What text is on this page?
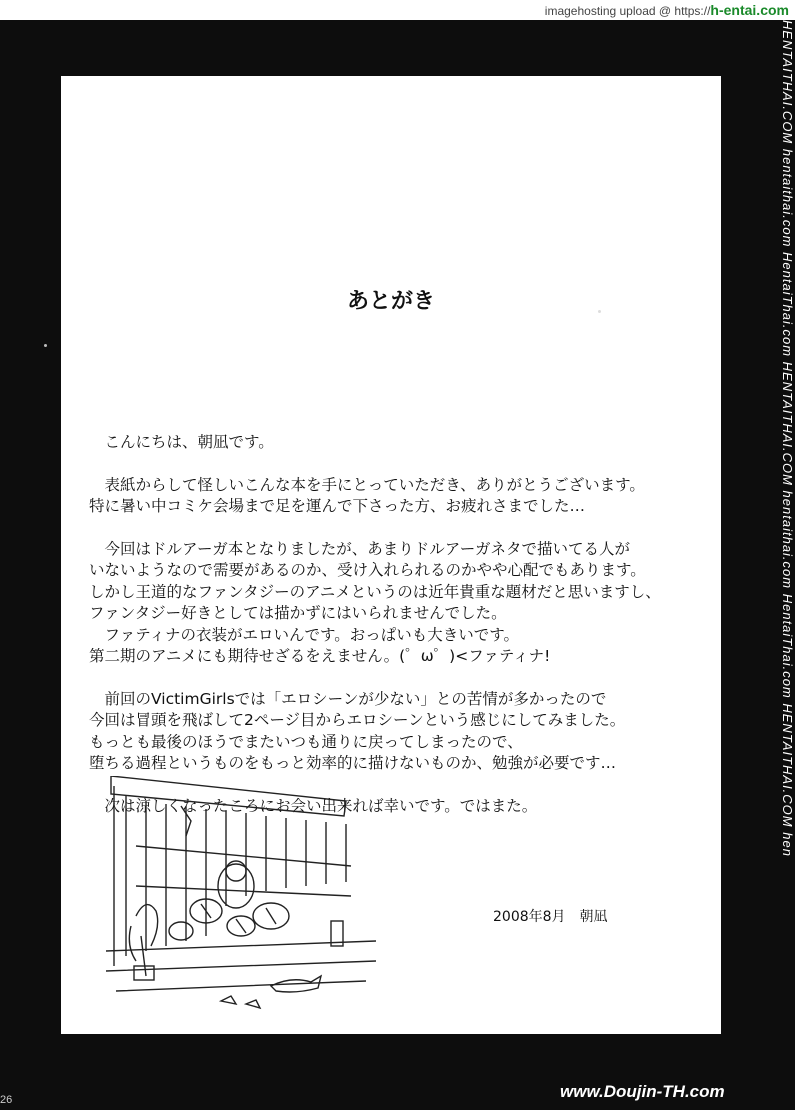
imagehosting upload @ https://h-entai.com
あとがき

こんにちは、朝凪です。

表紙からして怪しいこんな本を手にとっていただき、ありがとうございます。
特に暑い中コミケ会場まで足を運んで下さった方、お疲れさまでした…

今回はドルアーガ本となりましたが、あまりドルアーガネタで描いてる人が
いないようなので需要があるのか、受け入れられるのかやや心配でもあります。
しかし王道的なファンタジーのアニメというのは近年貴重な題材だと思いますし、
ファンタジー好きとしては描かずにはいられませんでした。
ファティナの衣装がエロいんです。おっぱいも大きいです。
第二期のアニメにも期待せざるをえません。(゜ω゜)<ファティナ!

前回のVictimGirlsでは「エロシーンが少ない」との苦情が多かったので
今回は冒頭を飛ばして2ページ目からエロシーンという感じにしてみました。
もっとも最後のほうでまたいつも通りに戻ってしまったので、
堕ちる過程というものをもっと効率的に描けないものか、勉強が必要です…

次は涼しくなったころにお会い出来れば幸いです。ではまた。

2008年8月　朝凪
HENTAITHAI.COM hentaithai.com HentaiThai.com HENTAITHAI.COM hentaithai.com HentaiThai.com HENTAITHAI.COM hen
www.Doujin-TH.com
26
